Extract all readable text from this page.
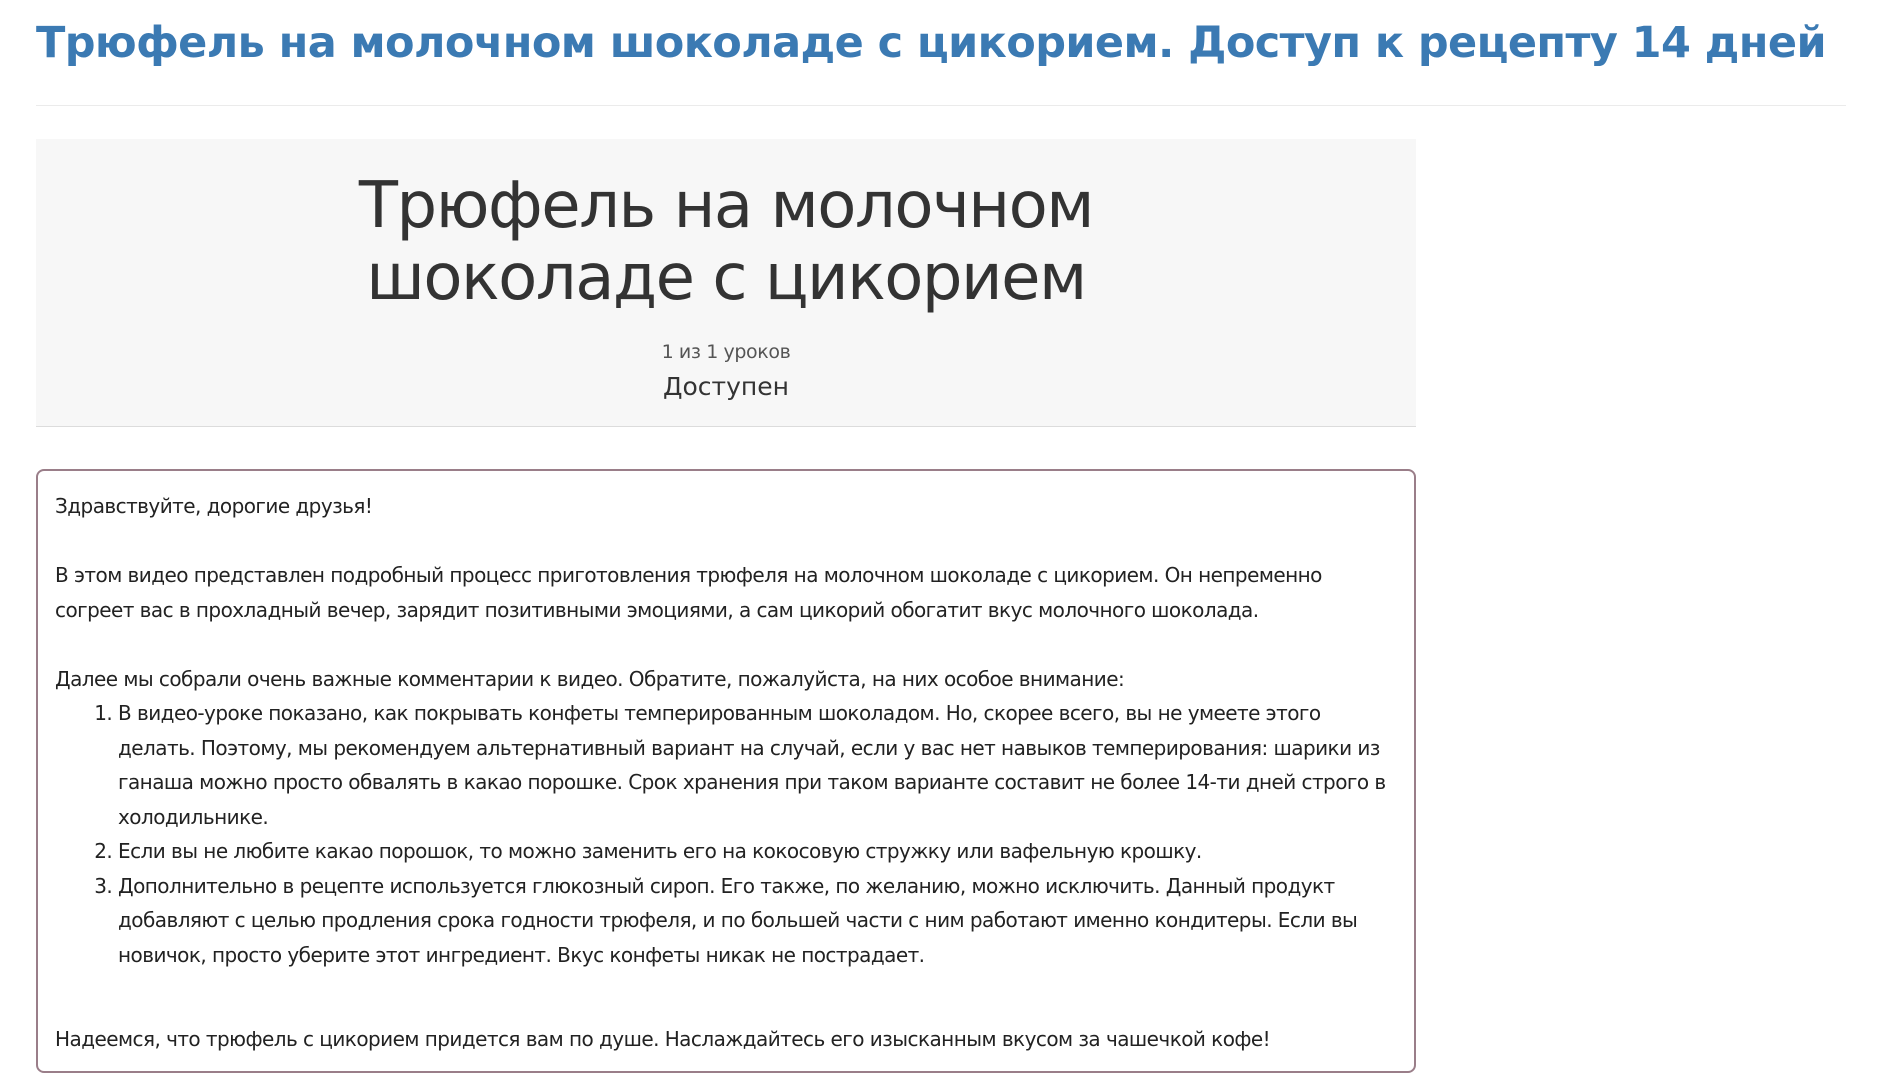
Трюфель на молочном шоколаде с цикорием. Доступ к рецепту 14 дней
Трюфель на молочном шоколаде с цикорием
1 из 1 уроков
Доступен

Здравствуйте, дорогие друзья!

В этом видео представлен подробный процесс приготовления трюфеля на молочном шоколаде с цикорием. Он непременно согреет вас в прохладный вечер, зарядит позитивными эмоциями, а сам цикорий обогатит вкус молочного шоколада.

Далее мы собрали очень важные комментарии к видео. Обратите, пожалуйста, на них особое внимание:

1. В видео-уроке показано, как покрывать конфеты темперированным шоколадом. Но, скорее всего, вы не умеете этого делать. Поэтому, мы рекомендуем альтернативный вариант на случай, если у вас нет навыков темперирования: шарики из ганаша можно просто обвалять в какао порошке. Срок хранения при таком варианте составит не более 14-ти дней строго в холодильнике.
2. Если вы не любите какао порошок, то можно заменить его на кокосовую стружку или вафельную крошку.
3. Дополнительно в рецепте используется глюкозный сироп. Его также, по желанию, можно исключить. Данный продукт добавляют с целью продления срока годности трюфеля, и по большей части с ним работают именно кондитеры. Если вы новичок, просто уберите этот ингредиент. Вкус конфеты никак не пострадает.

Надеемся, что трюфель с цикорием придется вам по душе. Наслаждайтесь его изысканным вкусом за чашечкой кофе!
